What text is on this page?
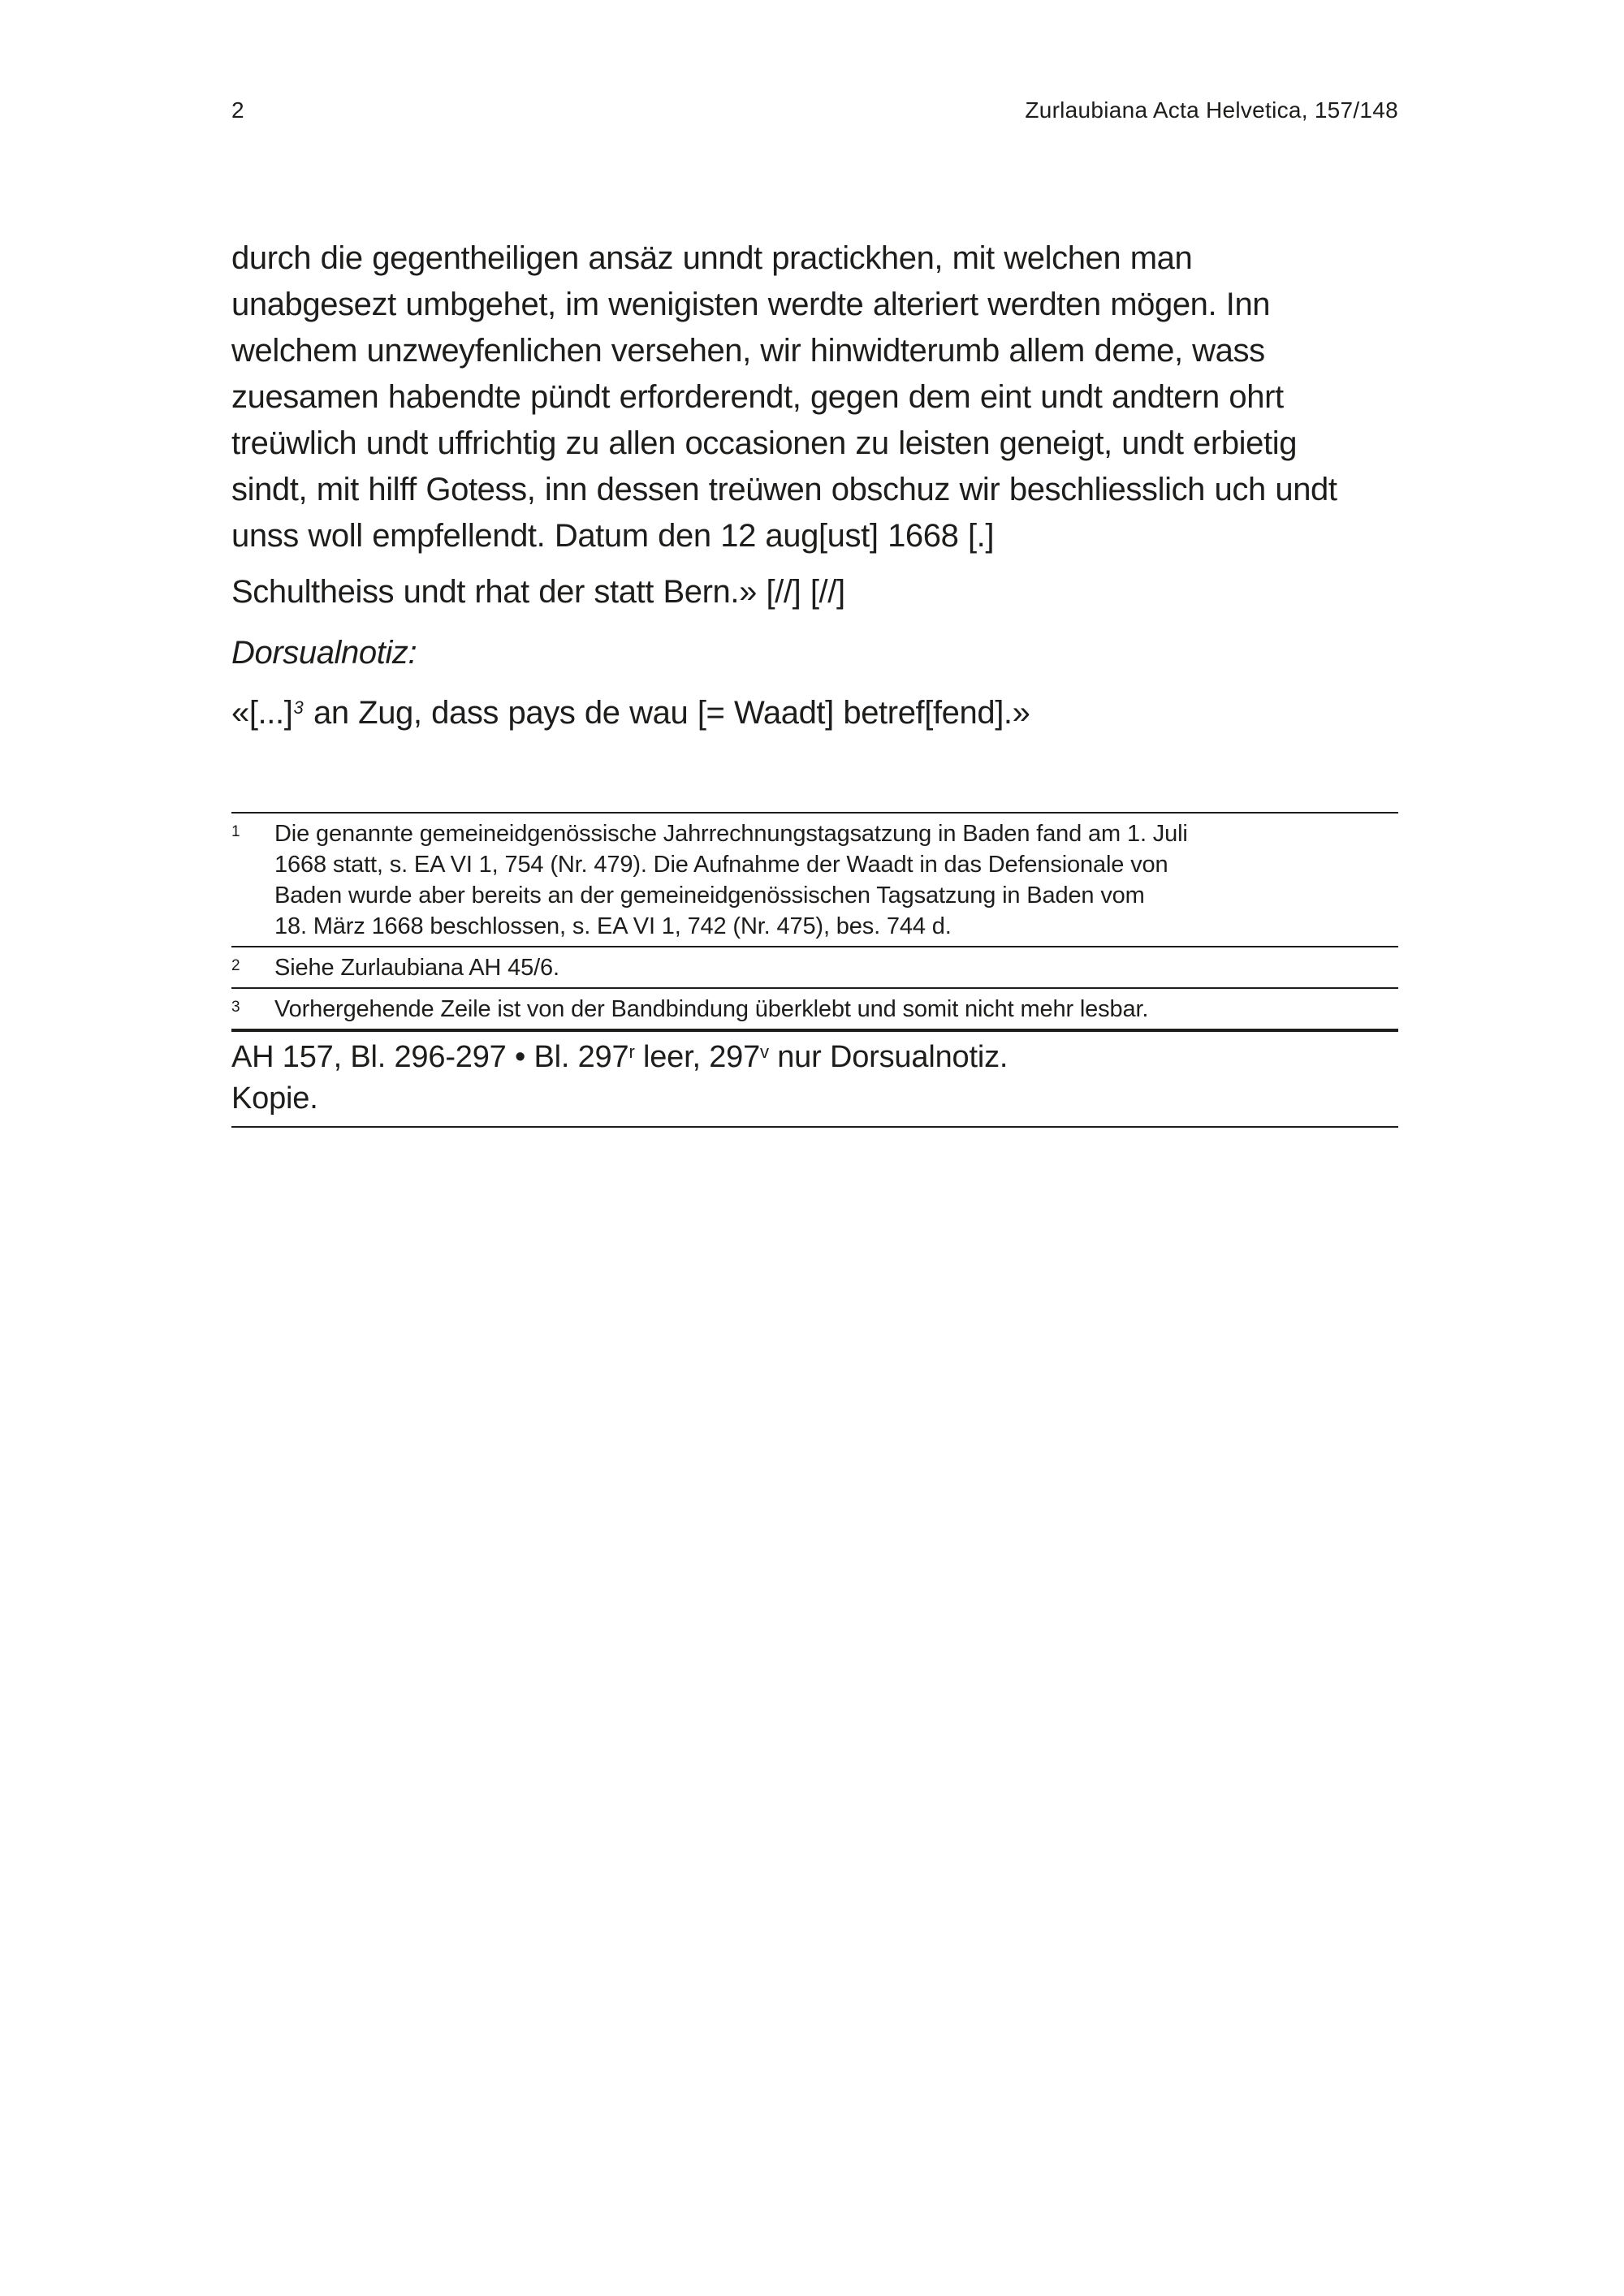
2	Zurlaubiana Acta Helvetica, 157/148
durch die gegentheiligen ansäz unndt practickhen, mit welchen man
unabgesezt umbgehet, im wenigisten werdte alteriert werdten mögen. Inn
welchem unzweyfenlichen versehen, wir hinwidterumb allem deme, wass
zuesamen habendte pündt erforderendt, gegen dem eint undt andtern ohrt
treüwlich undt uffrichtig zu allen occasionen zu leisten geneigt, undt erbietig
sindt, mit hilff Gotess, inn dessen treüwen obschuz wir beschliesslich uch undt
unss woll empfellendt. Datum den 12 aug[ust] 1668 [.]
Schultheiss undt rhat der statt Bern.» [//] [//]
Dorsualnotiz:
«[...]3 an Zug, dass pays de wau [= Waadt] betref[fend].»
1	Die genannte gemeineidgenössische Jahrrechnungstagsatzung in Baden fand am 1. Juli
1668 statt, s. EA VI 1, 754 (Nr. 479). Die Aufnahme der Waadt in das Defensionale von
Baden wurde aber bereits an der gemeineidgenössischen Tagsatzung in Baden vom
18. März 1668 beschlossen, s. EA VI 1, 742 (Nr. 475), bes. 744 d.
2	Siehe Zurlaubiana AH 45/6.
3	Vorhergehende Zeile ist von der Bandbindung überklebt und somit nicht mehr lesbar.
AH 157, Bl. 296-297 • Bl. 297r leer, 297v nur Dorsualnotiz.
Kopie.
